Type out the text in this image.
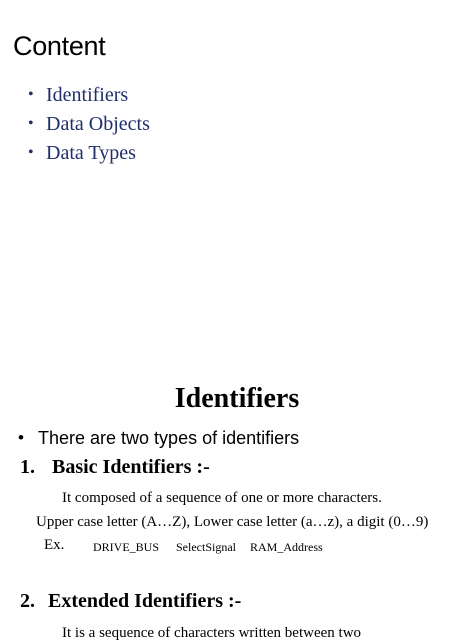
Content
• Identifiers
• Data Objects
• Data Types
Identifiers
• There are two types of identifiers
1. Basic Identifiers :-
It composed of a sequence of one or more characters.
Upper case letter (A…Z), Lower case letter (a…z), a digit (0…9)
Ex. DRIVE_BUS SelectSignal RAM_Address
2. Extended Identifiers :-
It is a sequence of characters written between two
